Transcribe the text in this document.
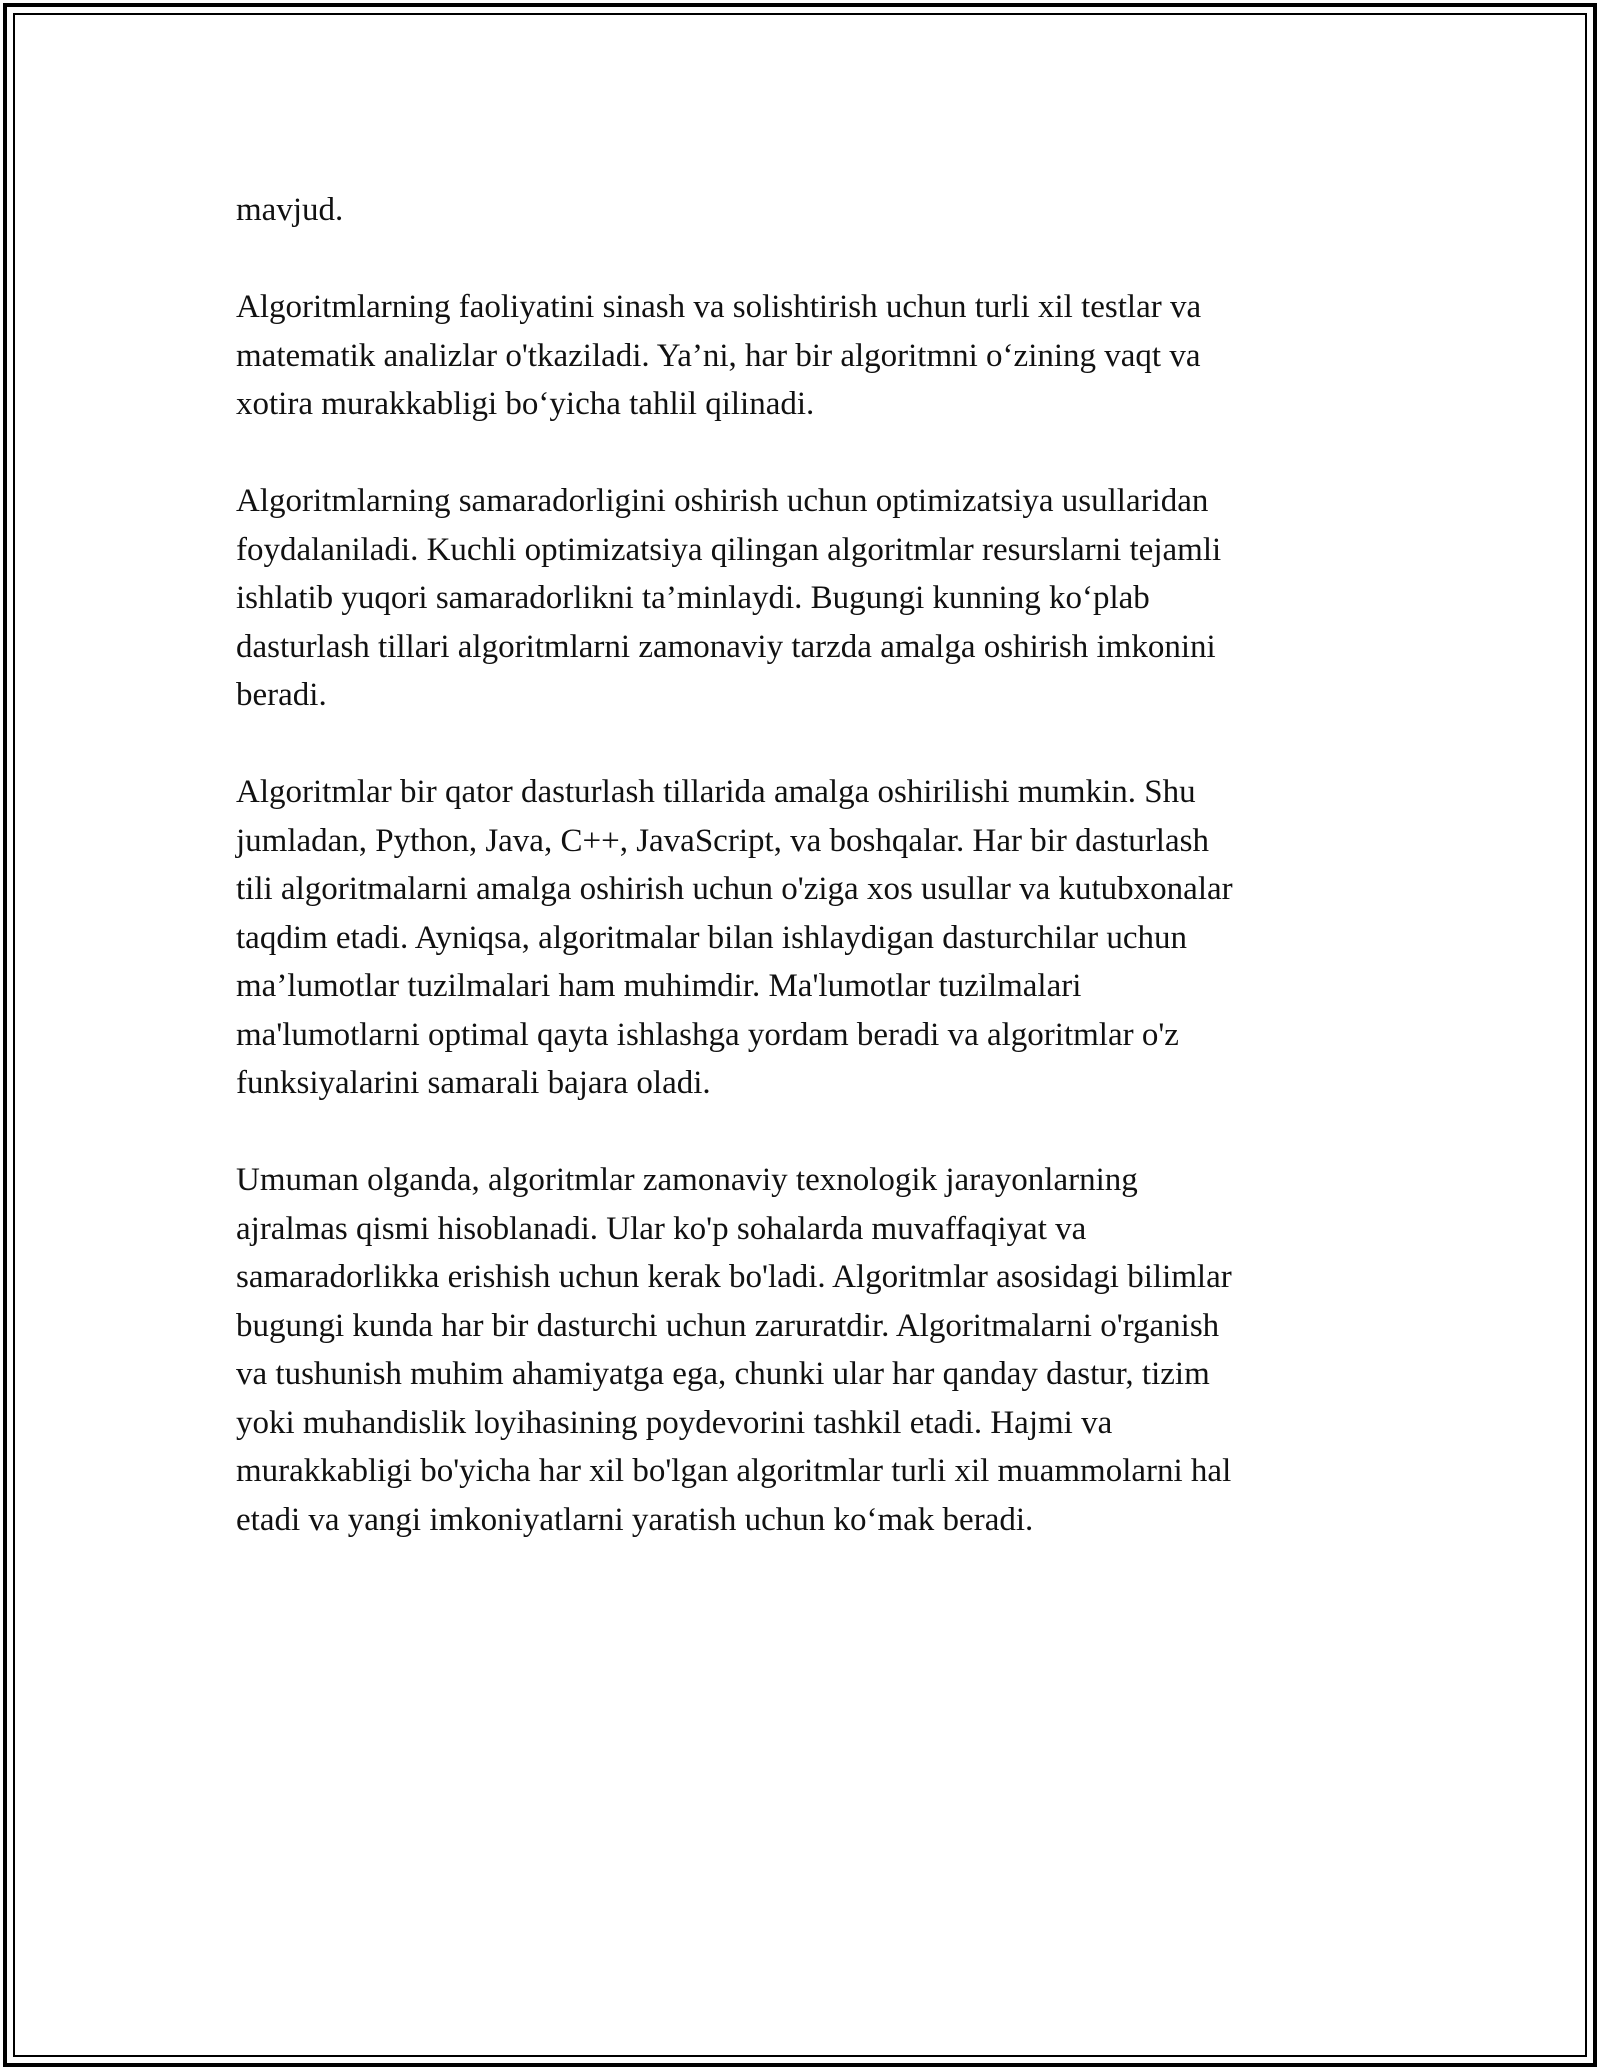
mavjud.

Algoritmlarning faoliyatini sinash va solishtirish uchun turli xil testlar va
matematik analizlar o'tkaziladi. Ya’ni, har bir algoritmni o‘zining vaqt va
xotira murakkabligi bo‘yicha tahlil qilinadi.

Algoritmlarning samaradorligini oshirish uchun optimizatsiya usullaridan
foydalaniladi. Kuchli optimizatsiya qilingan algoritmlar resurslarni tejamli
ishlatib yuqori samaradorlikni ta’minlaydi. Bugungi kunning ko‘plab
dasturlash tillari algoritmlarni zamonaviy tarzda amalga oshirish imkonini
beradi.

Algoritmlar bir qator dasturlash tillarida amalga oshirilishi mumkin. Shu
jumladan, Python, Java, C++, JavaScript, va boshqalar. Har bir dasturlash
tili algoritmalarni amalga oshirish uchun o'ziga xos usullar va kutubxonalar
taqdim etadi. Ayniqsa, algoritmalar bilan ishlaydigan dasturchilar uchun
ma’lumotlar tuzilmalari ham muhimdir. Ma'lumotlar tuzilmalari
ma'lumotlarni optimal qayta ishlashga yordam beradi va algoritmlar o'z
funksiyalarini samarali bajara oladi.

Umuman olganda, algoritmlar zamonaviy texnologik jarayonlarning
ajralmas qismi hisoblanadi. Ular ko'p sohalarda muvaffaqiyat va
samaradorlikka erishish uchun kerak bo'ladi. Algoritmlar asosidagi bilimlar
bugungi kunda har bir dasturchi uchun zaruratdir. Algoritmalarni o'rganish
va tushunish muhim ahamiyatga ega, chunki ular har qanday dastur, tizim
yoki muhandislik loyihasining poydevorini tashkil etadi. Hajmi va
murakkabligi bo'yicha har xil bo'lgan algoritmlar turli xil muammolarni hal
etadi va yangi imkoniyatlarni yaratish uchun ko‘mak beradi.
